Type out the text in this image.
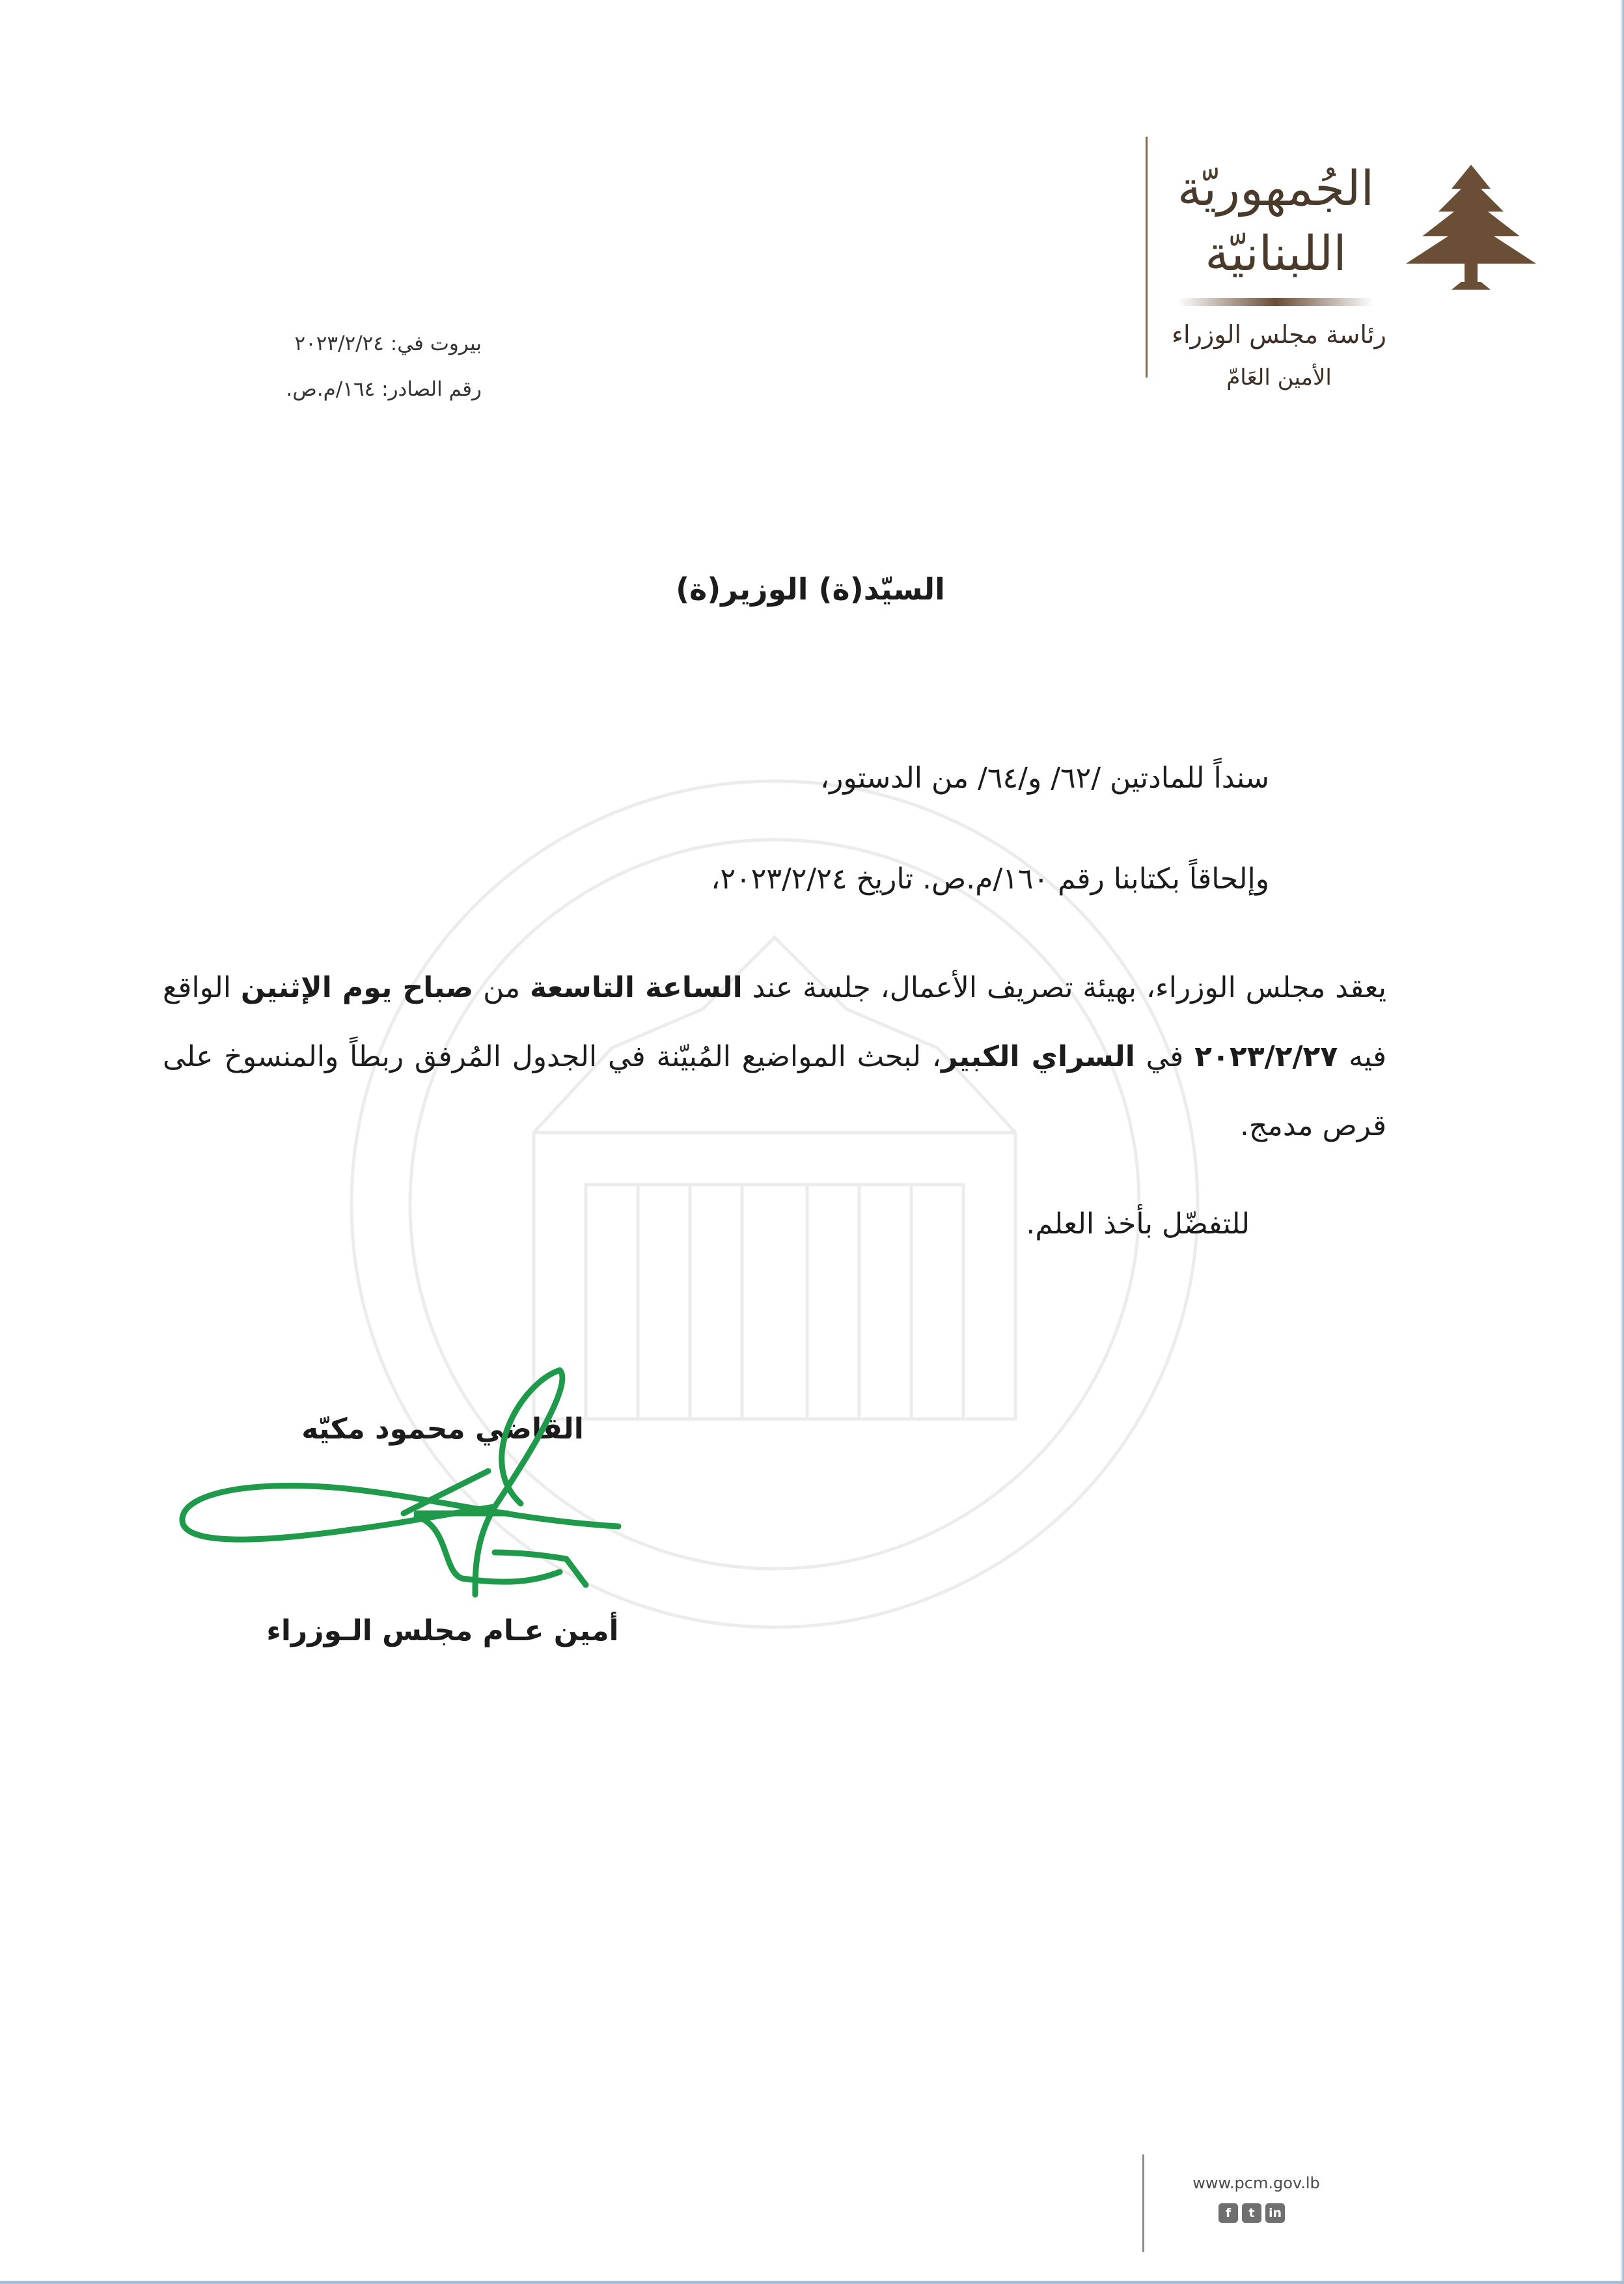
الجُمهوريّة
اللبنانيّة
رئاسة مجلس الوزراء
الأمين العَامّ
بيروت في: ٢٠٢٣/٢/٢٤
رقم الصادر: ١٦٤/م.ص.
السيّد(ة) الوزير(ة)
سنداً للمادتين /٦٢/ و/٦٤/ من الدستور،
وإلحاقاً بكتابنا رقم ١٦٠/م.ص. تاريخ ٢٠٢٣/٢/٢٤،
يعقد مجلس الوزراء، بهيئة تصريف الأعمال، جلسة عند الساعة التاسعة من صباح يوم الإثنين الواقع فيه ٢٠٢٣/٢/٢٧ في السراي الكبير، لبحث المواضيع المُبيّنة في الجدول المُرفق ربطاً والمنسوخ على قرص مدمج.
للتفضّل بأخذ العلم.
القاضي محمود مكيّه
أمين عـام مجلس الـوزراء
www.pcm.gov.lb
f	t	in
